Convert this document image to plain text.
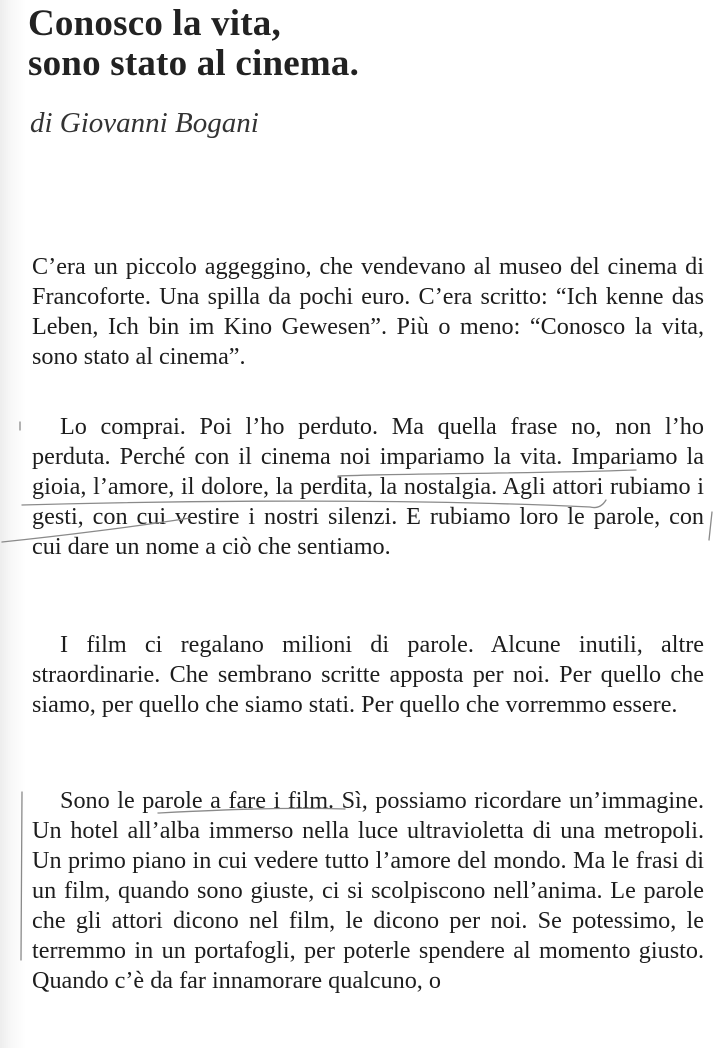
Conosco la vita,
sono stato al cinema.
di Giovanni Bogani

C’era un piccolo aggeggino, che vendevano al museo del cinema di Francoforte. Una spilla da pochi euro. C’era scritto: “Ich kenne das Leben, Ich bin im Kino Gewesen”. Più o meno: “Conosco la vita, sono stato al cinema”.

Lo comprai. Poi l’ho perduto. Ma quella frase no, non l’ho perduta. Perché con il cinema noi impariamo la vita. Impariamo la gioia, l’amore, il dolore, la perdita, la nostalgia. Agli attori rubiamo i gesti, con cui vestire i nostri silenzi. E rubiamo loro le parole, con cui dare un nome a ciò che sentiamo.

I film ci regalano milioni di parole. Alcune inutili, altre straordinarie. Che sembrano scritte apposta per noi. Per quello che siamo, per quello che siamo stati. Per quello che vorremmo essere.

Sono le parole a fare i film. Sì, possiamo ricordare un’immagine. Un hotel all’alba immerso nella luce ultravioletta di una metropoli. Un primo piano in cui vedere tutto l’amore del mondo. Ma le frasi di un film, quando sono giuste, ci si scolpiscono nell’anima. Le parole che gli attori dicono nel film, le dicono per noi. Se potessimo, le terremmo in un portafogli, per poterle spendere al momento giusto. Quando c’è da far innamorare qualcuno, o
